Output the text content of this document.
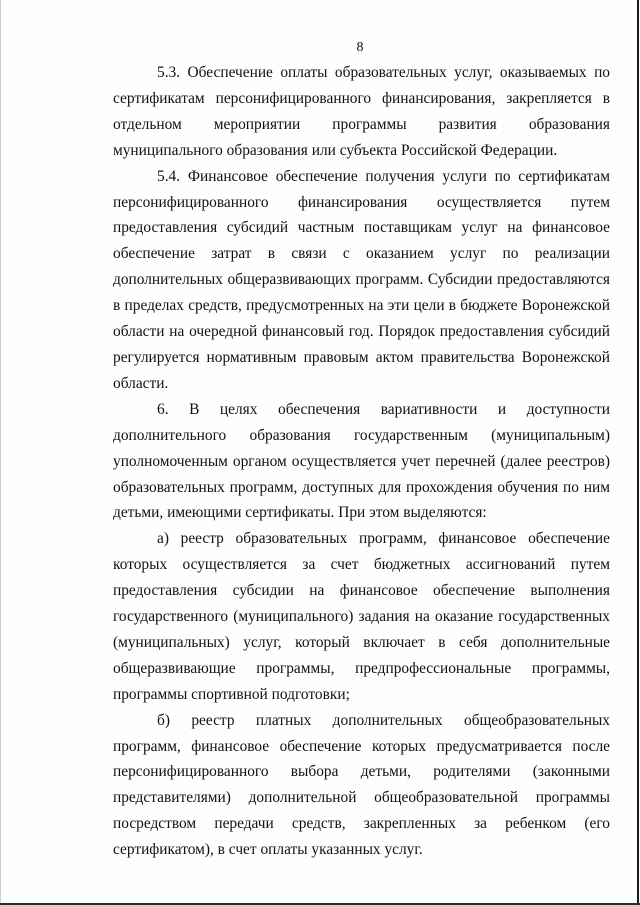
8

5.3. Обеспечение оплаты образовательных услуг, оказываемых по сертификатам персонифицированного финансирования, закрепляется в отдельном мероприятии программы развития образования муниципального образования или субъекта Российской Федерации.

5.4. Финансовое обеспечение получения услуги по сертификатам персонифицированного финансирования осуществляется путем предоставления субсидий частным поставщикам услуг на финансовое обеспечение затрат в связи с оказанием услуг по реализации дополнительных общеразвивающих программ. Субсидии предоставляются в пределах средств, предусмотренных на эти цели в бюджете Воронежской области на очередной финансовый год. Порядок предоставления субсидий регулируется нормативным правовым актом правительства Воронежской области.

6. В целях обеспечения вариативности и доступности дополнительного образования государственным (муниципальным) уполномоченным органом осуществляется учет перечней (далее реестров) образовательных программ, доступных для прохождения обучения по ним детьми, имеющими сертификаты. При этом выделяются:

а) реестр образовательных программ, финансовое обеспечение которых осуществляется за счет бюджетных ассигнований путем предоставления субсидии на финансовое обеспечение выполнения государственного (муниципального) задания на оказание государственных (муниципальных) услуг, который включает в себя дополнительные общеразвивающие программы, предпрофессиональные программы, программы спортивной подготовки;

б) реестр платных дополнительных общеобразовательных программ, финансовое обеспечение которых предусматривается после персонифицированного выбора детьми, родителями (законными представителями) дополнительной общеобразовательной программы посредством передачи средств, закрепленных за ребенком (его сертификатом), в счет оплаты указанных услуг.
